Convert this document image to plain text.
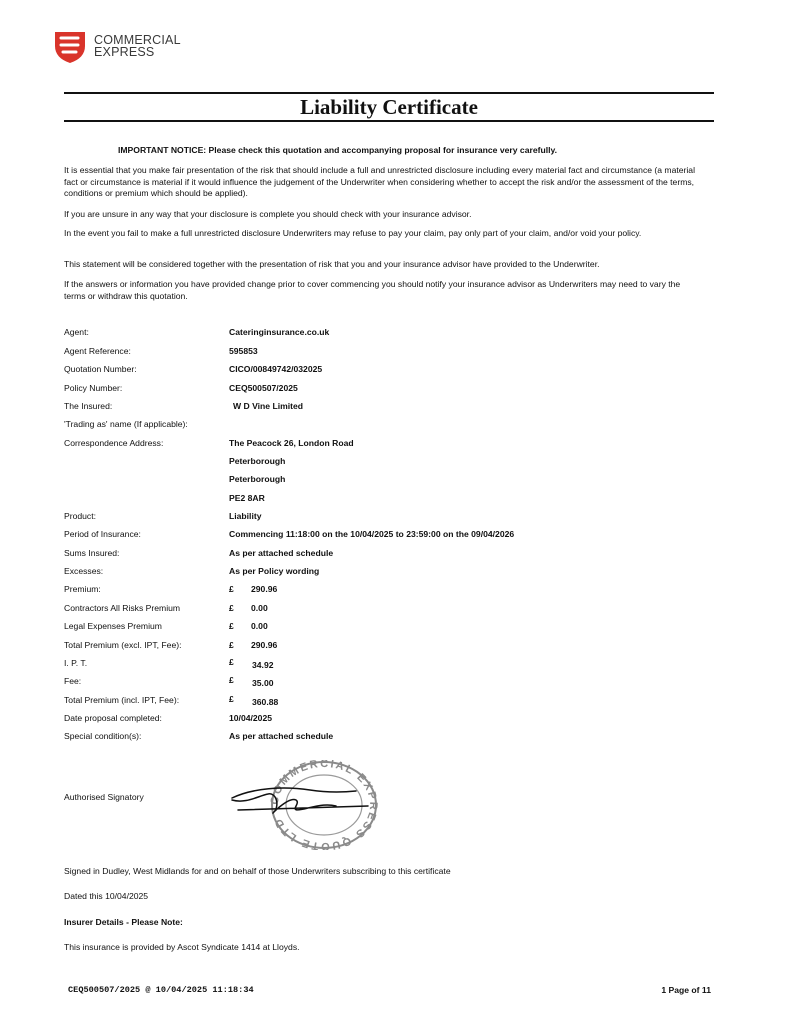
COMMERCIAL
EXPRESS
Liability Certificate
IMPORTANT NOTICE: Please check this quotation and accompanying proposal for insurance very carefully.
It is essential that you make fair presentation of the risk that should include a full and unrestricted disclosure including every material fact and circumstance (a material fact or circumstance is material if it would influence the judgement of the Underwriter when considering whether to accept the risk and/or the assessment of the terms, conditions or premium which should be applied).
If you are unsure in any way that your disclosure is complete you should check with your insurance advisor.
In the event you fail to make a full unrestricted disclosure Underwriters may refuse to pay your claim, pay only part of your claim, and/or void your policy.
This statement will be considered together with the presentation of risk that you and your insurance advisor have provided to the Underwriter.
If the answers or information you have provided change prior to cover commencing you should notify your insurance advisor as Underwriters may need to vary the terms or withdraw this quotation.
Agent:	Cateringinsurance.co.uk
Agent Reference:	595853
Quotation Number:	CICO/00849742/032025
Policy Number:	CEQ500507/2025
The Insured:	W D Vine Limited
'Trading as' name (If applicable):
Correspondence Address:	The Peacock 26, London Road
Peterborough
Peterborough
PE2 8AR
Product:	Liability
Period of Insurance:	Commencing 11:18:00 on the 10/04/2025 to 23:59:00 on the 09/04/2026
Sums Insured:	As per attached schedule
Excesses:	As per Policy wording
Premium:	£ 290.96
Contractors All Risks Premium	£ 0.00
Legal Expenses Premium	£ 0.00
Total Premium (excl. IPT, Fee):	£ 290.96
I. P. T.	£ 34.92
Fee:	£ 35.00
Total Premium (incl. IPT, Fee):	£ 360.88
Date proposal completed:	10/04/2025
Special condition(s):	As per attached schedule
Authorised Signatory	COMMERCIAL EXPRESS QUOTE LTD
Signed in Dudley, West Midlands for and on behalf of those Underwriters subscribing to this certificate
Dated this 10/04/2025
Insurer Details - Please Note:
This insurance is provided by Ascot Syndicate 1414 at Lloyds.
CEQ500507/2025 @ 10/04/2025 11:18:34	1 Page of 11
